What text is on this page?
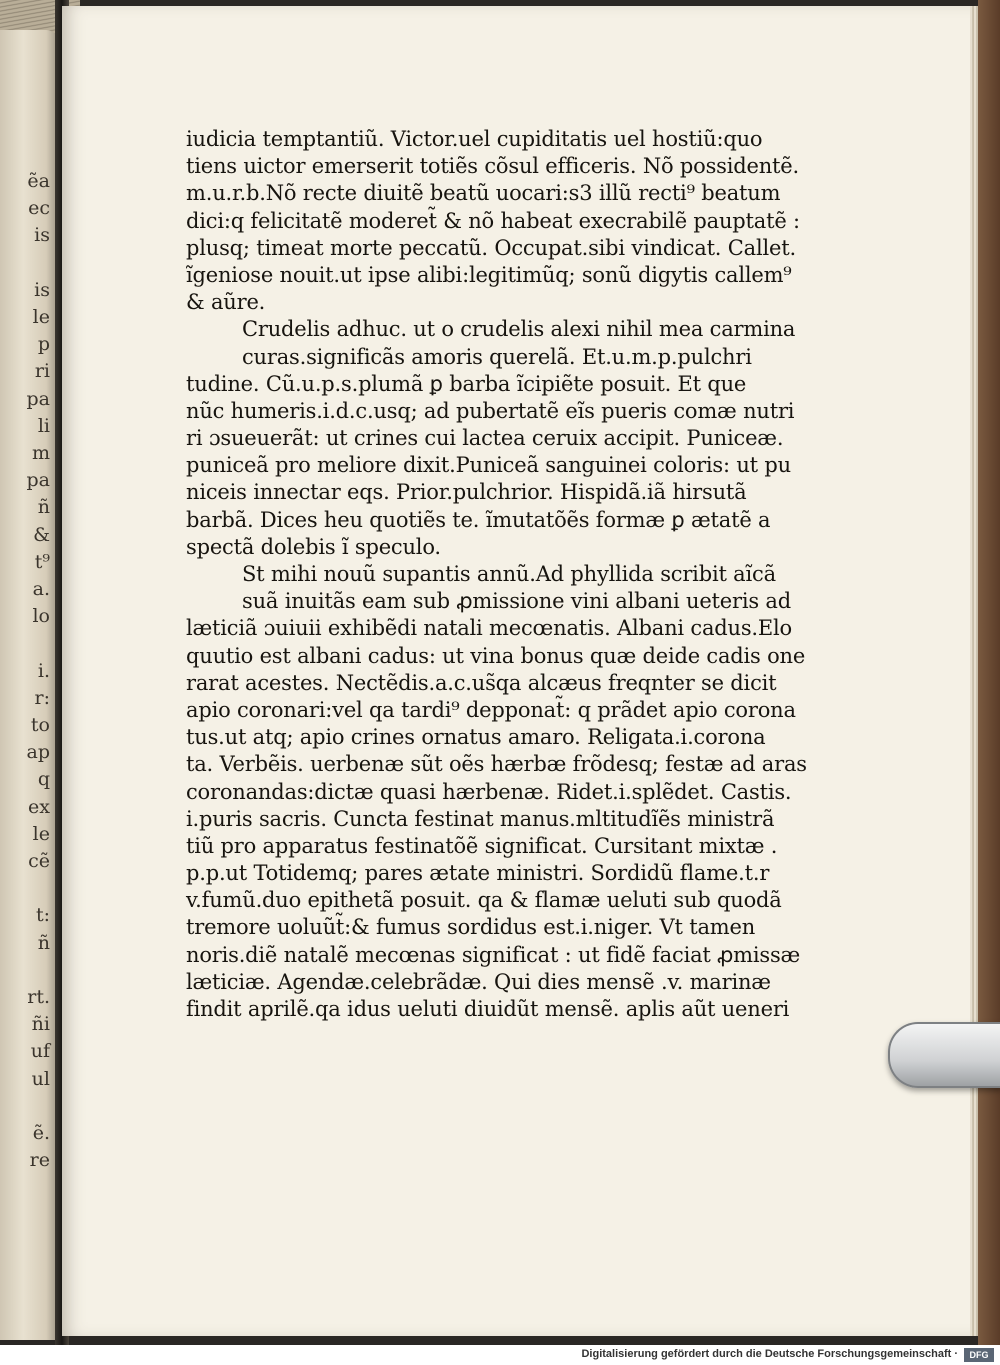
ẽa
ec
is
is
le
p
ri
pa
li
m
pa
ñ
&
t⁹
a.
lo
i.
r:
to
ap
q
ex
le
cẽ
t:
ñ
rt.
ñi
uf
ul
ẽ.
re
iudicia temptantiũ. Victor.uel cupiditatis uel hostiũ:quo
tiens uictor emerserit totiẽs cõsul efficeris. Nõ possidentẽ.
m.u.r.b.Nõ recte diuitẽ beatũ uocari:s3 illũ recti⁹ beatum
dici:q felicitatẽ moderet̃ & nõ habeat execrabilẽ pauptatẽ :
plusq; timeat morte peccatũ. Occupat.sibi vindicat. Callet.
ĩgeniose nouit.ut ipse alibi:legitimũq; sonũ digytis callem⁹
& aũre.
Crudelis adhuc. ut o crudelis alexi nihil mea carmina
curas.significãs amoris querelã. Et.u.m.p.pulchri
tudine. Cũ.u.p.s.plumã ꝑ barba ĩcipiẽte posuit. Et que
nũc humeris.i.d.c.usq; ad pubertatẽ eĩs pueris comæ nutri
ri ɔsueuerãt: ut crines cui lactea ceruix accipit. Puniceæ.
puniceã pro meliore dixit.Puniceã sanguinei coloris: ut pu
niceis innectar eqs. Prior.pulchrior. Hispidã.iã hirsutã
barbã. Dices heu quotiẽs te. ĩmutatõẽs formæ ꝑ ætatẽ a
spectã dolebis ĩ speculo.
St mihi nouũ supantis annũ.Ad phyllida scribit aĩcã
suã inuitãs eam sub ꝓmissione vini albani ueteris ad
læticiã ɔuiuii exhibẽdi natali mecœnatis. Albani cadus.Elo
quutio est albani cadus: ut vina bonus quæ deide cadis one
rarat acestes. Nectẽdis.a.c.us̃qa alcæus freqnter se dicit
apio coronari:vel qa tardi⁹ depponat̃: q prãdet apio corona
tus.ut atq; apio crines ornatus amaro. Religata.i.corona
ta. Verbẽis. uerbenæ sũt oẽs hærbæ frõdesq; festæ ad aras
coronandas:dictæ quasi hærbenæ. Ridet.i.splẽdet. Castis.
i.puris sacris. Cuncta festinat manus.mltitudĩẽs ministrã
tiũ pro apparatus festinatõẽ significat. Cursitant mixtæ .
p.p.ut Totidemq; pares ætate ministri. Sordidũ flame.t.r
v.fumũ.duo epithetã posuit. qa & flamæ ueluti sub quodã
tremore uoluũt̃:& fumus sordidus est.i.niger. Vt tamen
noris.diẽ natalẽ mecœnas significat : ut fidẽ faciat ꝓmissæ
læticiæ. Agendæ.celebrãdæ. Qui dies mensẽ .v. marinæ
findit aprilẽ.qa idus ueluti diuidũt mensẽ. aplis aũt ueneri
Digitalisierung gefördert durch die Deutsche Forschungsgemeinschaft ·	DFG
